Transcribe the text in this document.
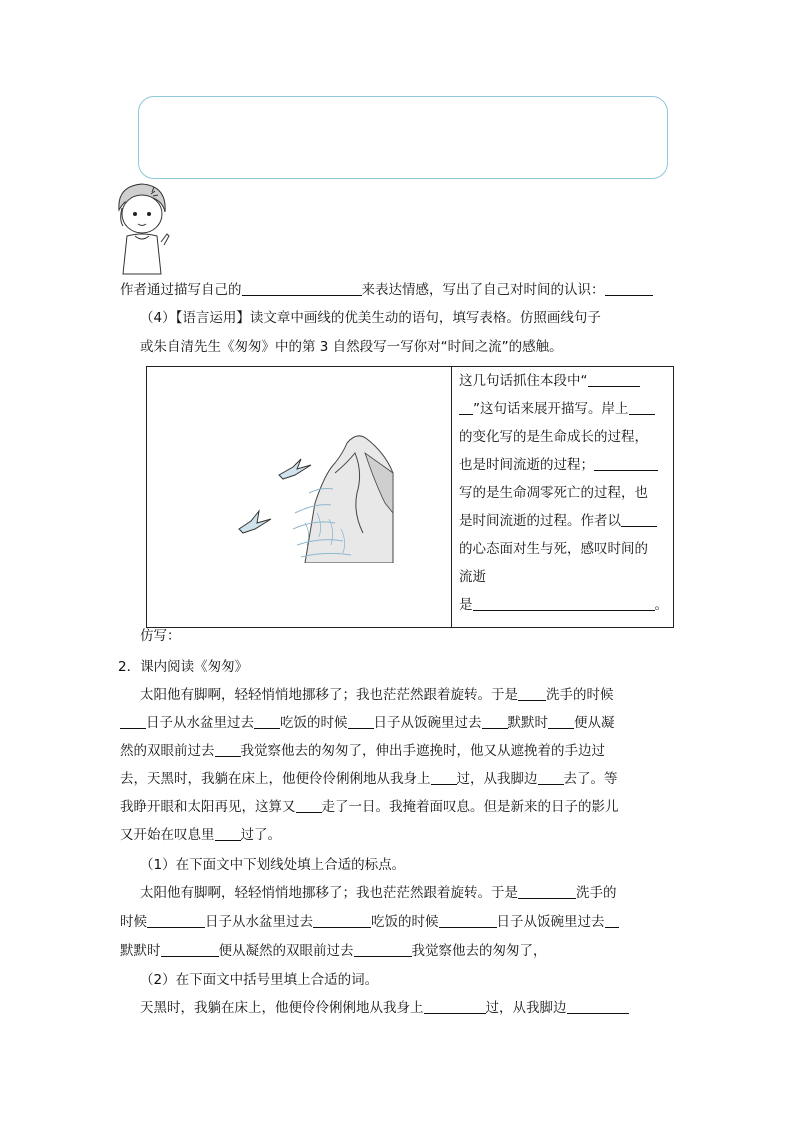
作者通过描写自己的	来表达情感，写出了自己对时间的认识：
（4）【语言运用】读文章中画线的优美生动的语句，填写表格。仿照画线句子
或朱自清先生《匆匆》中的第 3 自然段写一写你对“时间之流”的感触。
这几句话抓住本段中“
”这句话来展开描写。岸上
的变化写的是生命成长的过程，
也是时间流逝的过程；
写的是生命凋零死亡的过程，也
是时间流逝的过程。作者以
的心态面对生与死，感叹时间的
流逝
是	。
仿写：
2．课内阅读《匆匆》
太阳他有脚啊，轻轻悄悄地挪移了；我也茫茫然跟着旋转。于是 洗手的时候
日子从水盆里过去 吃饭的时候 日子从饭碗里过去 默默时 便从凝
然的双眼前过去 我觉察他去的匆匆了，伸出手遮挽时，他又从遮挽着的手边过
去，天黑时，我躺在床上，他便伶伶俐俐地从我身上 过，从我脚边 去了。等
我睁开眼和太阳再见，这算又 走了一日。我掩着面叹息。但是新来的日子的影儿
又开始在叹息里 过了。
（1）在下面文中下划线处填上合适的标点。
太阳他有脚啊，轻轻悄悄地挪移了；我也茫茫然跟着旋转。于是	洗手的
时候	日子从水盆里过去	吃饭的时候	日子从饭碗里过去
默默时	便从凝然的双眼前过去	我觉察他去的匆匆了，
（2）在下面文中括号里填上合适的词。
天黑时，我躺在床上，他便伶伶俐俐地从我身上	过，从我脚边
